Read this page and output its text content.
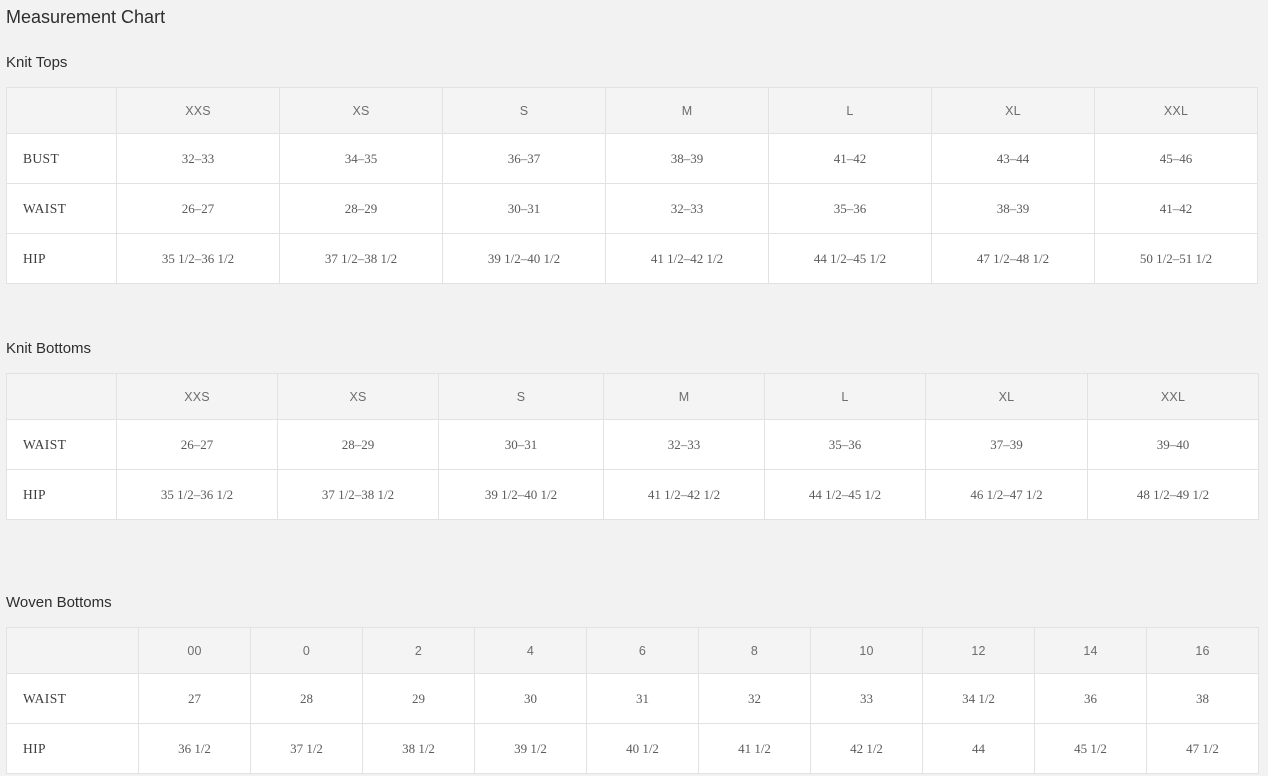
Measurement Chart
Knit Tops
	XXS	XS	S	M	L	XL	XXL
BUST	32–33	34–35	36–37	38–39	41–42	43–44	45–46
WAIST	26–27	28–29	30–31	32–33	35–36	38–39	41–42
HIP	35 1/2–36 1/2	37 1/2–38 1/2	39 1/2–40 1/2	41 1/2–42 1/2	44 1/2–45 1/2	47 1/2–48 1/2	50 1/2–51 1/2
Knit Bottoms
	XXS	XS	S	M	L	XL	XXL
WAIST	26–27	28–29	30–31	32–33	35–36	37–39	39–40
HIP	35 1/2–36 1/2	37 1/2–38 1/2	39 1/2–40 1/2	41 1/2–42 1/2	44 1/2–45 1/2	46 1/2–47 1/2	48 1/2–49 1/2
Woven Bottoms
	00	0	2	4	6	8	10	12	14	16
WAIST	27	28	29	30	31	32	33	34 1/2	36	38
HIP	36 1/2	37 1/2	38 1/2	39 1/2	40 1/2	41 1/2	42 1/2	44	45 1/2	47 1/2
